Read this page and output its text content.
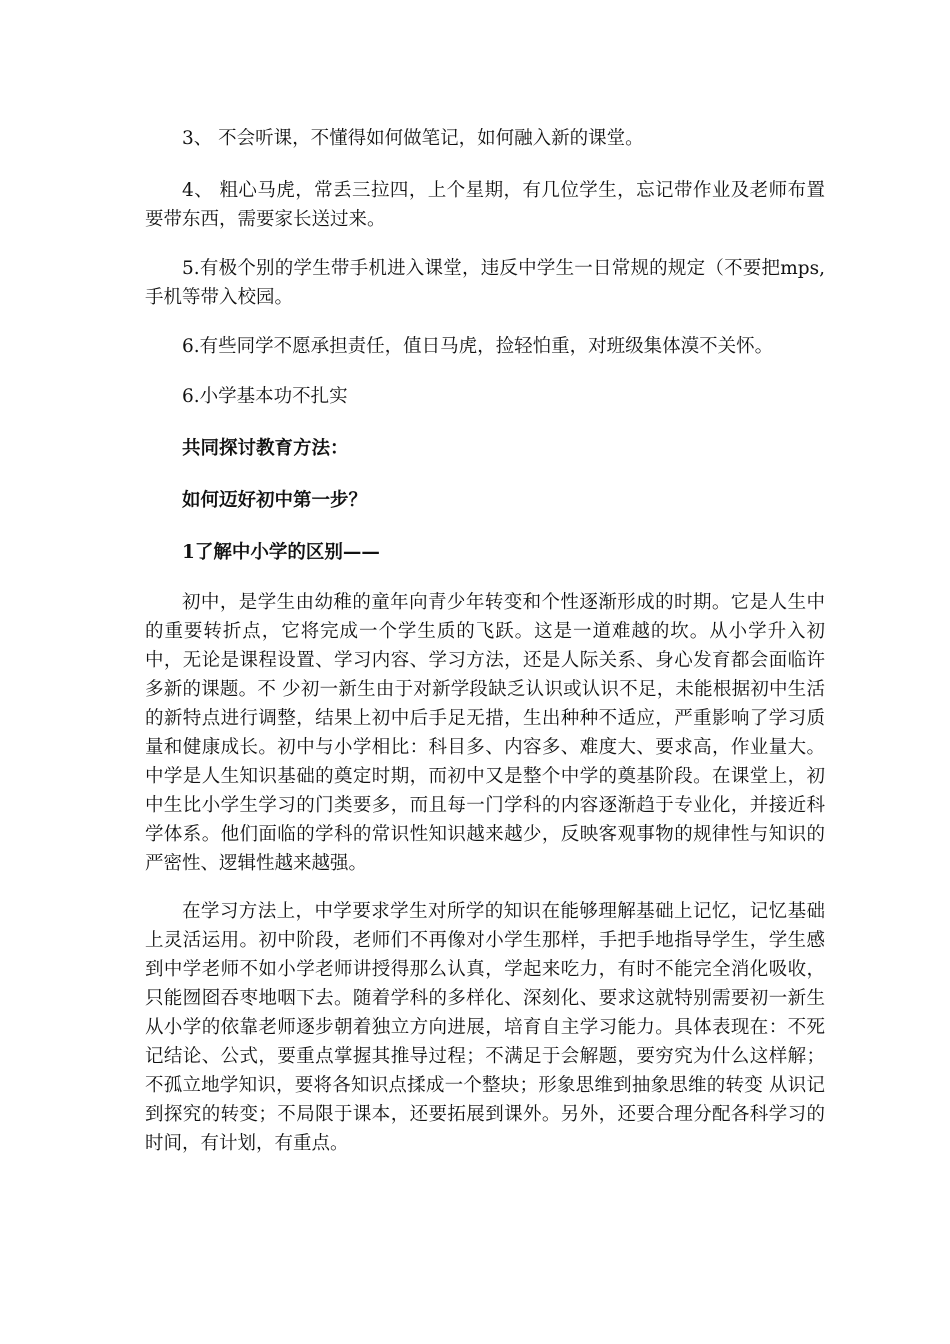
3、 不会听课，不懂得如何做笔记，如何融入新的课堂。

4、 粗心马虎，常丢三拉四，上个星期，有几位学生，忘记带作业及老师布置要带东西，需要家长送过来。

5.有极个别的学生带手机进入课堂，违反中学生一日常规的规定（不要把mps,手机等带入校园。

6.有些同学不愿承担责任，值日马虎，捡轻怕重，对班级集体漠不关怀。

6.小学基本功不扎实

共同探讨教育方法：

如何迈好初中第一步？

1了解中小学的区别——

初中，是学生由幼稚的童年向青少年转变和个性逐渐形成的时期。它是人生中的重要转折点，它将完成一个学生质的飞跃。这是一道难越的坎。从小学升入初中，无论是课程设置、学习内容、学习方法，还是人际关系、身心发育都会面临许多新的课题。不 少初一新生由于对新学段缺乏认识或认识不足，未能根据初中生活的新特点进行调整，结果上初中后手足无措，生出种种不适应，严重影响了学习质量和健康成长。初中与小学相比：科目多、内容多、难度大、要求高，作业量大。中学是人生知识基础的奠定时期，而初中又是整个中学的奠基阶段。在课堂上，初中生比小学生学习的门类要多，而且每一门学科的内容逐渐趋于专业化，并接近科学体系。他们面临的学科的常识性知识越来越少，反映客观事物的规律性与知识的严密性、逻辑性越来越强。

在学习方法上，中学要求学生对所学的知识在能够理解基础上记忆，记忆基础上灵活运用。初中阶段，老师们不再像对小学生那样，手把手地指导学生，学生感到中学老师不如小学老师讲授得那么认真，学起来吃力，有时不能完全消化吸收，只能囫囵吞枣地咽下去。随着学科的多样化、深刻化、要求这就特别需要初一新生从小学的依靠老师逐步朝着独立方向进展，培育自主学习能力。具体表现在：不死记结论、公式，要重点掌握其推导过程；不满足于会解题，要穷究为什么这样解；不孤立地学知识，要将各知识点揉成一个整块；形象思维到抽象思维的转变 从识记到探究的转变；不局限于课本，还要拓展到课外。另外，还要合理分配各科学习的时间，有计划，有重点。
